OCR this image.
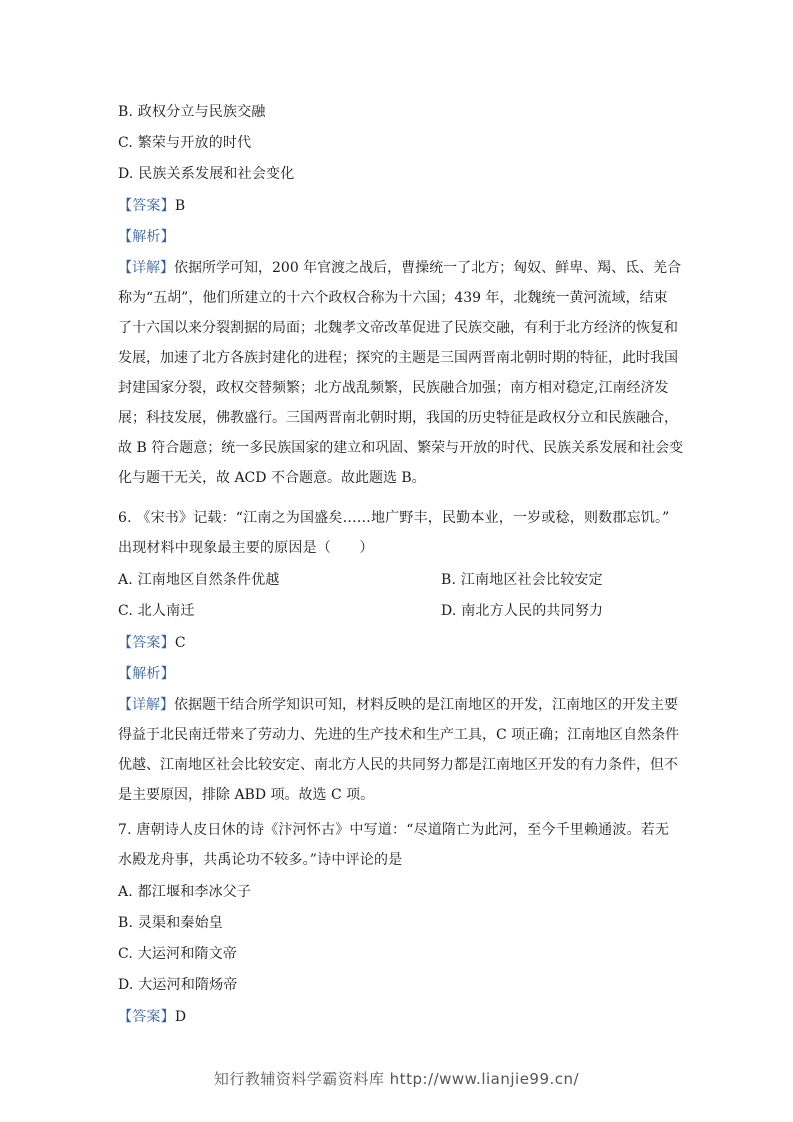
B. 政权分立与民族交融
C. 繁荣与开放的时代
D. 民族关系发展和社会变化
【答案】B
【解析】
【详解】依据所学可知，200 年官渡之战后，曹操统一了北方；匈奴、鲜卑、羯、氐、羌合
称为“五胡”，他们所建立的十六个政权合称为十六国；439 年，北魏统一黄河流域，结束
了十六国以来分裂割据的局面；北魏孝文帝改革促进了民族交融，有利于北方经济的恢复和
发展，加速了北方各族封建化的进程；探究的主题是三国两晋南北朝时期的特征，此时我国
封建国家分裂，政权交替频繁；北方战乱频繁，民族融合加强；南方相对稳定,江南经济发
展；科技发展，佛教盛行。三国两晋南北朝时期，我国的历史特征是政权分立和民族融合，
故 B 符合题意；统一多民族国家的建立和巩固、繁荣与开放的时代、民族关系发展和社会变
化与题干无关，故 ACD 不合题意。故此题选 B。
6. 《宋书》记载：“江南之为国盛矣……地广野丰，民勤本业，一岁或稔，则数郡忘饥。”
出现材料中现象最主要的原因是（　　）
A. 江南地区自然条件优越	B. 江南地区社会比较安定
C. 北人南迁	D. 南北方人民的共同努力
【答案】C
【解析】
【详解】依据题干结合所学知识可知，材料反映的是江南地区的开发，江南地区的开发主要
得益于北民南迁带来了劳动力、先进的生产技术和生产工具，C 项正确；江南地区自然条件
优越、江南地区社会比较安定、南北方人民的共同努力都是江南地区开发的有力条件，但不
是主要原因，排除 ABD 项。故选 C 项。
7. 唐朝诗人皮日休的诗《汴河怀古》中写道：“尽道隋亡为此河，至今千里赖通波。若无
水殿龙舟事，共禹论功不较多。”诗中评论的是
A. 都江堰和李冰父子
B. 灵渠和秦始皇
C. 大运河和隋文帝
D. 大运河和隋炀帝
【答案】D
知行教辅资料学霸资料库 http://www.lianjie99.cn/
